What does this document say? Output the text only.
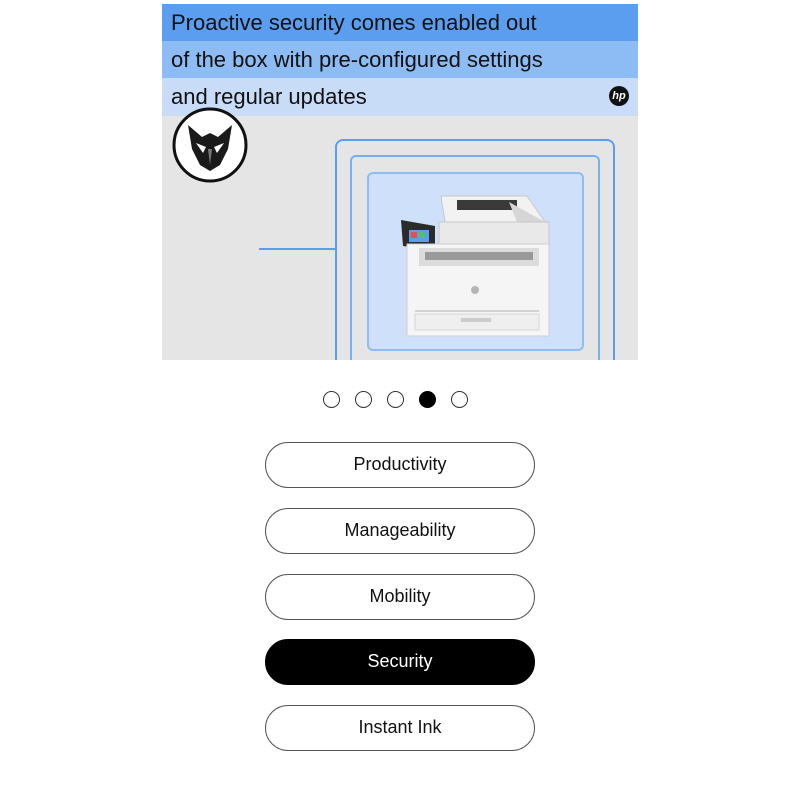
Proactive security comes enabled out
of the box with pre-configured settings
and regular updates	hp
Productivity
Manageability
Mobility
Security
Instant Ink
